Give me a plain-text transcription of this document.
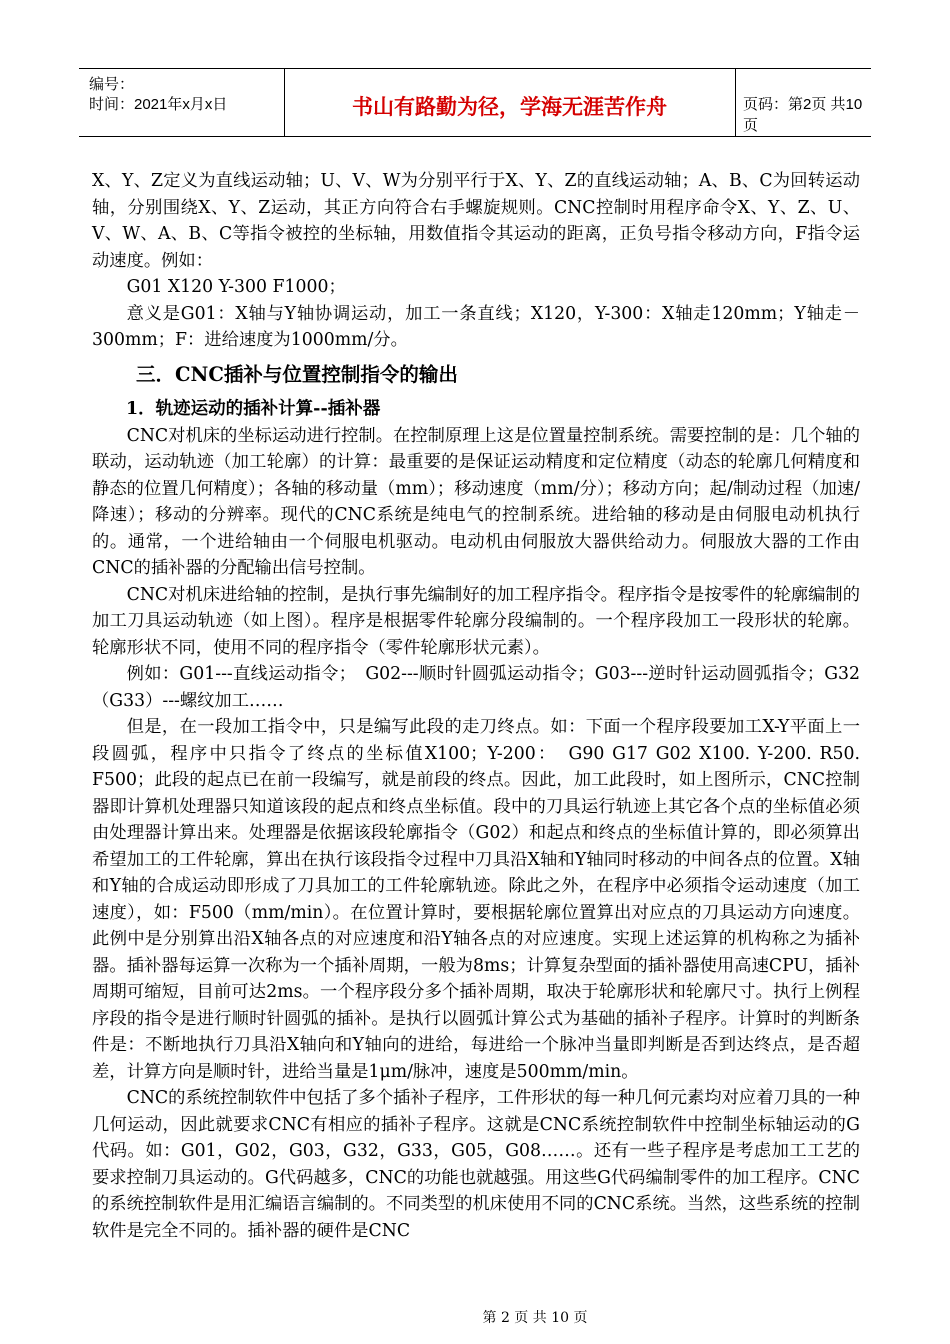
编号：
时间：2021年x月x日	书山有路勤为径，学海无涯苦作舟	页码：第2页 共10页

X、Y、Z定义为直线运动轴；U、V、W为分别平行于X、Y、Z的直线运动轴；A、B、C为回转运动轴，分别围绕X、Y、Z运动，其正方向符合右手螺旋规则。CNC控制时用程序命令X、Y、Z、U、V、W、A、B、C等指令被控的坐标轴，用数值指令其运动的距离，正负号指令移动方向，F指令运动速度。例如：

G01 X120 Y-300 F1000；

意义是G01：X轴与Y轴协调运动，加工一条直线；X120，Y-300：X轴走120mm；Y轴走－300mm；F：进给速度为1000mm/分。

三．CNC插补与位置控制指令的输出
1．轨迹运动的插补计算--插补器

CNC对机床的坐标运动进行控制。在控制原理上这是位置量控制系统。需要控制的是：几个轴的联动，运动轨迹（加工轮廓）的计算：最重要的是保证运动精度和定位精度（动态的轮廓几何精度和静态的位置几何精度）；各轴的移动量（mm）；移动速度（mm/分）；移动方向；起/制动过程（加速/降速）；移动的分辨率。现代的CNC系统是纯电气的控制系统。进给轴的移动是由伺服电动机执行的。通常，一个进给轴由一个伺服电机驱动。电动机由伺服放大器供给动力。伺服放大器的工作由CNC的插补器的分配输出信号控制。

CNC对机床进给轴的控制，是执行事先编制好的加工程序指令。程序指令是按零件的轮廓编制的加工刀具运动轨迹（如上图）。程序是根据零件轮廓分段编制的。一个程序段加工一段形状的轮廓。轮廓形状不同，使用不同的程序指令（零件轮廓形状元素）。

例如：G01---直线运动指令；　G02---顺时针圆弧运动指令；G03---逆时针运动圆弧指令；G32（G33）---螺纹加工……

但是，在一段加工指令中，只是编写此段的走刀终点。如：下面一个程序段要加工X-Y平面上一段圆弧，程序中只指令了终点的坐标值X100；Y-200：　G90 G17 G02 X100. Y-200. R50. F500；此段的起点已在前一段编写，就是前段的终点。因此，加工此段时，如上图所示，CNC控制器即计算机处理器只知道该段的起点和终点坐标值。段中的刀具运行轨迹上其它各个点的坐标值必须由处理器计算出来。处理器是依据该段轮廓指令（G02）和起点和终点的坐标值计算的，即必须算出希望加工的工件轮廓，算出在执行该段指令过程中刀具沿X轴和Y轴同时移动的中间各点的位置。X轴和Y轴的合成运动即形成了刀具加工的工件轮廓轨迹。除此之外，在程序中必须指令运动速度（加工速度），如：F500（mm/min）。在位置计算时，要根据轮廓位置算出对应点的刀具运动方向速度。此例中是分别算出沿X轴各点的对应速度和沿Y轴各点的对应速度。实现上述运算的机构称之为插补器。插补器每运算一次称为一个插补周期，一般为8ms；计算复杂型面的插补器使用高速CPU，插补周期可缩短，目前可达2ms。一个程序段分多个插补周期，取决于轮廓形状和轮廓尺寸。执行上例程序段的指令是进行顺时针圆弧的插补。是执行以圆弧计算公式为基础的插补子程序。计算时的判断条件是：不断地执行刀具沿X轴向和Y轴向的进给，每进给一个脉冲当量即判断是否到达终点，是否超差，计算方向是顺时针，进给当量是1μm/脉冲，速度是500mm/min。

CNC的系统控制软件中包括了多个插补子程序，工件形状的每一种几何元素均对应着刀具的一种几何运动，因此就要求CNC有相应的插补子程序。这就是CNC系统控制软件中控制坐标轴运动的G代码。如：G01，G02，G03，G32，G33，G05，G08……。还有一些子程序是考虑加工工艺的要求控制刀具运动的。G代码越多，CNC的功能也就越强。用这些G代码编制零件的加工程序。CNC的系统控制软件是用汇编语言编制的。不同类型的机床使用不同的CNC系统。当然，这些系统的控制软件是完全不同的。插补器的硬件是CNC

第 2 页 共 10 页
